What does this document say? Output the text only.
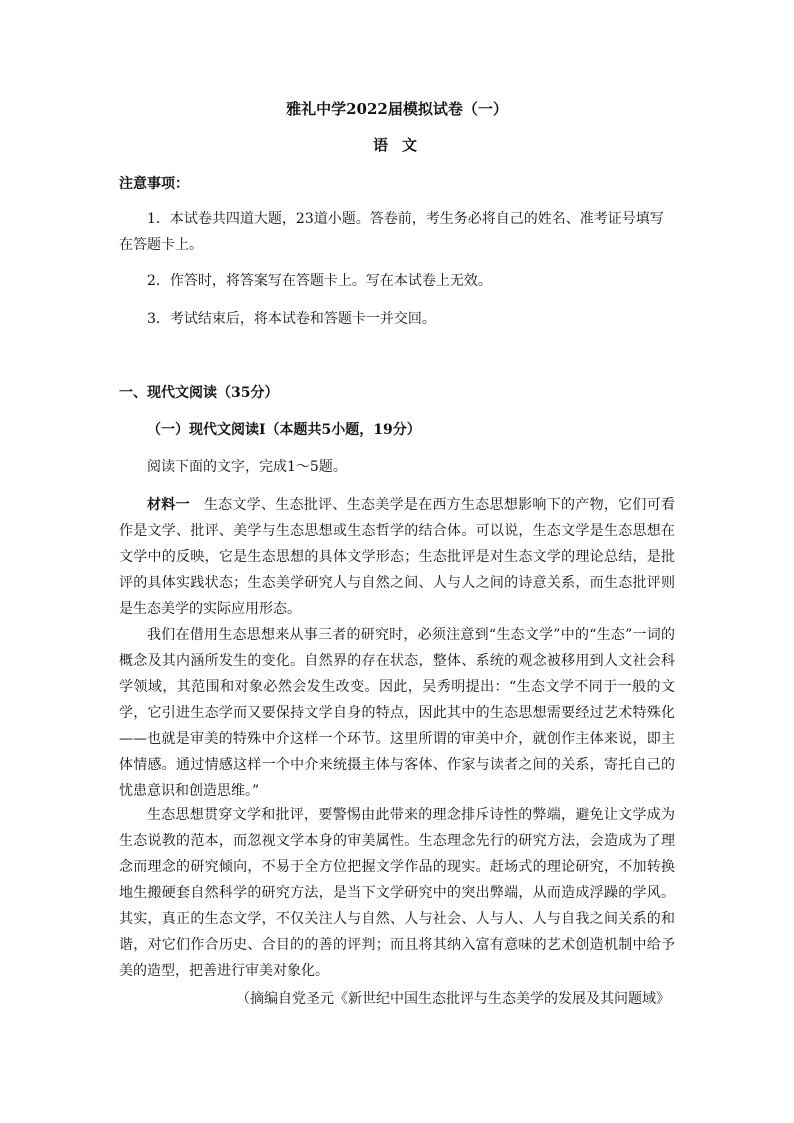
雅礼中学2022届模拟试卷（一）
语文

注意事项：

1．本试卷共四道大题，23道小题。答卷前，考生务必将自己的姓名、准考证号填写在答题卡上。

2．作答时，将答案写在答题卡上。写在本试卷上无效。

3．考试结束后，将本试卷和答题卡一并交回。

一、现代文阅读（35分）

（一）现代文阅读Ⅰ（本题共5小题，19分）

阅读下面的文字，完成1～5题。

材料一 生态文学、生态批评、生态美学是在西方生态思想影响下的产物，它们可看作是文学、批评、美学与生态思想或生态哲学的结合体。可以说，生态文学是生态思想在文学中的反映，它是生态思想的具体文学形态；生态批评是对生态文学的理论总结，是批评的具体实践状态；生态美学研究人与自然之间、人与人之间的诗意关系，而生态批评则是生态美学的实际应用形态。

我们在借用生态思想来从事三者的研究时，必须注意到“生态文学”中的“生态”一词的概念及其内涵所发生的变化。自然界的存在状态，整体、系统的观念被移用到人文社会科学领域，其范围和对象必然会发生改变。因此，吴秀明提出：“生态文学不同于一般的文学，它引进生态学而又要保持文学自身的特点，因此其中的生态思想需要经过艺术特殊化——也就是审美的特殊中介这样一个环节。这里所谓的审美中介，就创作主体来说，即主体情感。通过情感这样一个中介来统摄主体与客体、作家与读者之间的关系，寄托自己的忧患意识和创造思维。”

生态思想贯穿文学和批评，要警惕由此带来的理念排斥诗性的弊端，避免让文学成为生态说教的范本，而忽视文学本身的审美属性。生态理念先行的研究方法，会造成为了理念而理念的研究倾向，不易于全方位把握文学作品的现实。赶场式的理论研究，不加转换地生搬硬套自然科学的研究方法，是当下文学研究中的突出弊端，从而造成浮躁的学风。其实，真正的生态文学，不仅关注人与自然、人与社会、人与人、人与自我之间关系的和谐，对它们作合历史、合目的的善的评判；而且将其纳入富有意味的艺术创造机制中给予美的造型，把善进行审美对象化。

（摘编自党圣元《新世纪中国生态批评与生态美学的发展及其问题域》
